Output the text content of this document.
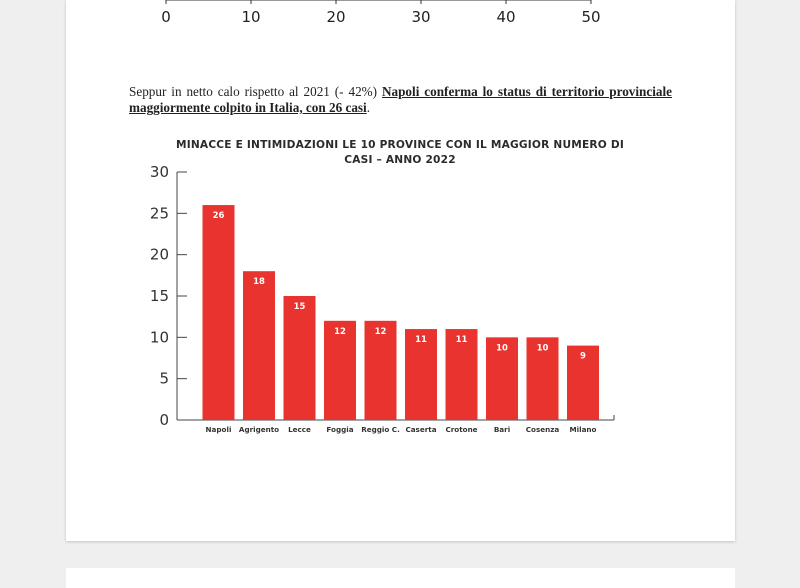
0	10	20	30	40	50

Seppur in netto calo rispetto al 2021 (- 42%) Napoli conferma lo status di territorio provinciale maggiormente colpito in Italia, con 26 casi.

MINACCE E INTIMIDAZIONI LE 10 PROVINCE CON IL MAGGIOR NUMERO DI
CASI – ANNO 2022
0
5
10
15
20
25
30
26
Napoli
18
Agrigento
15
Lecce
12
Foggia
12
Reggio C.
11
Caserta
11
Crotone
10
Bari
10
Cosenza
9
Milano
